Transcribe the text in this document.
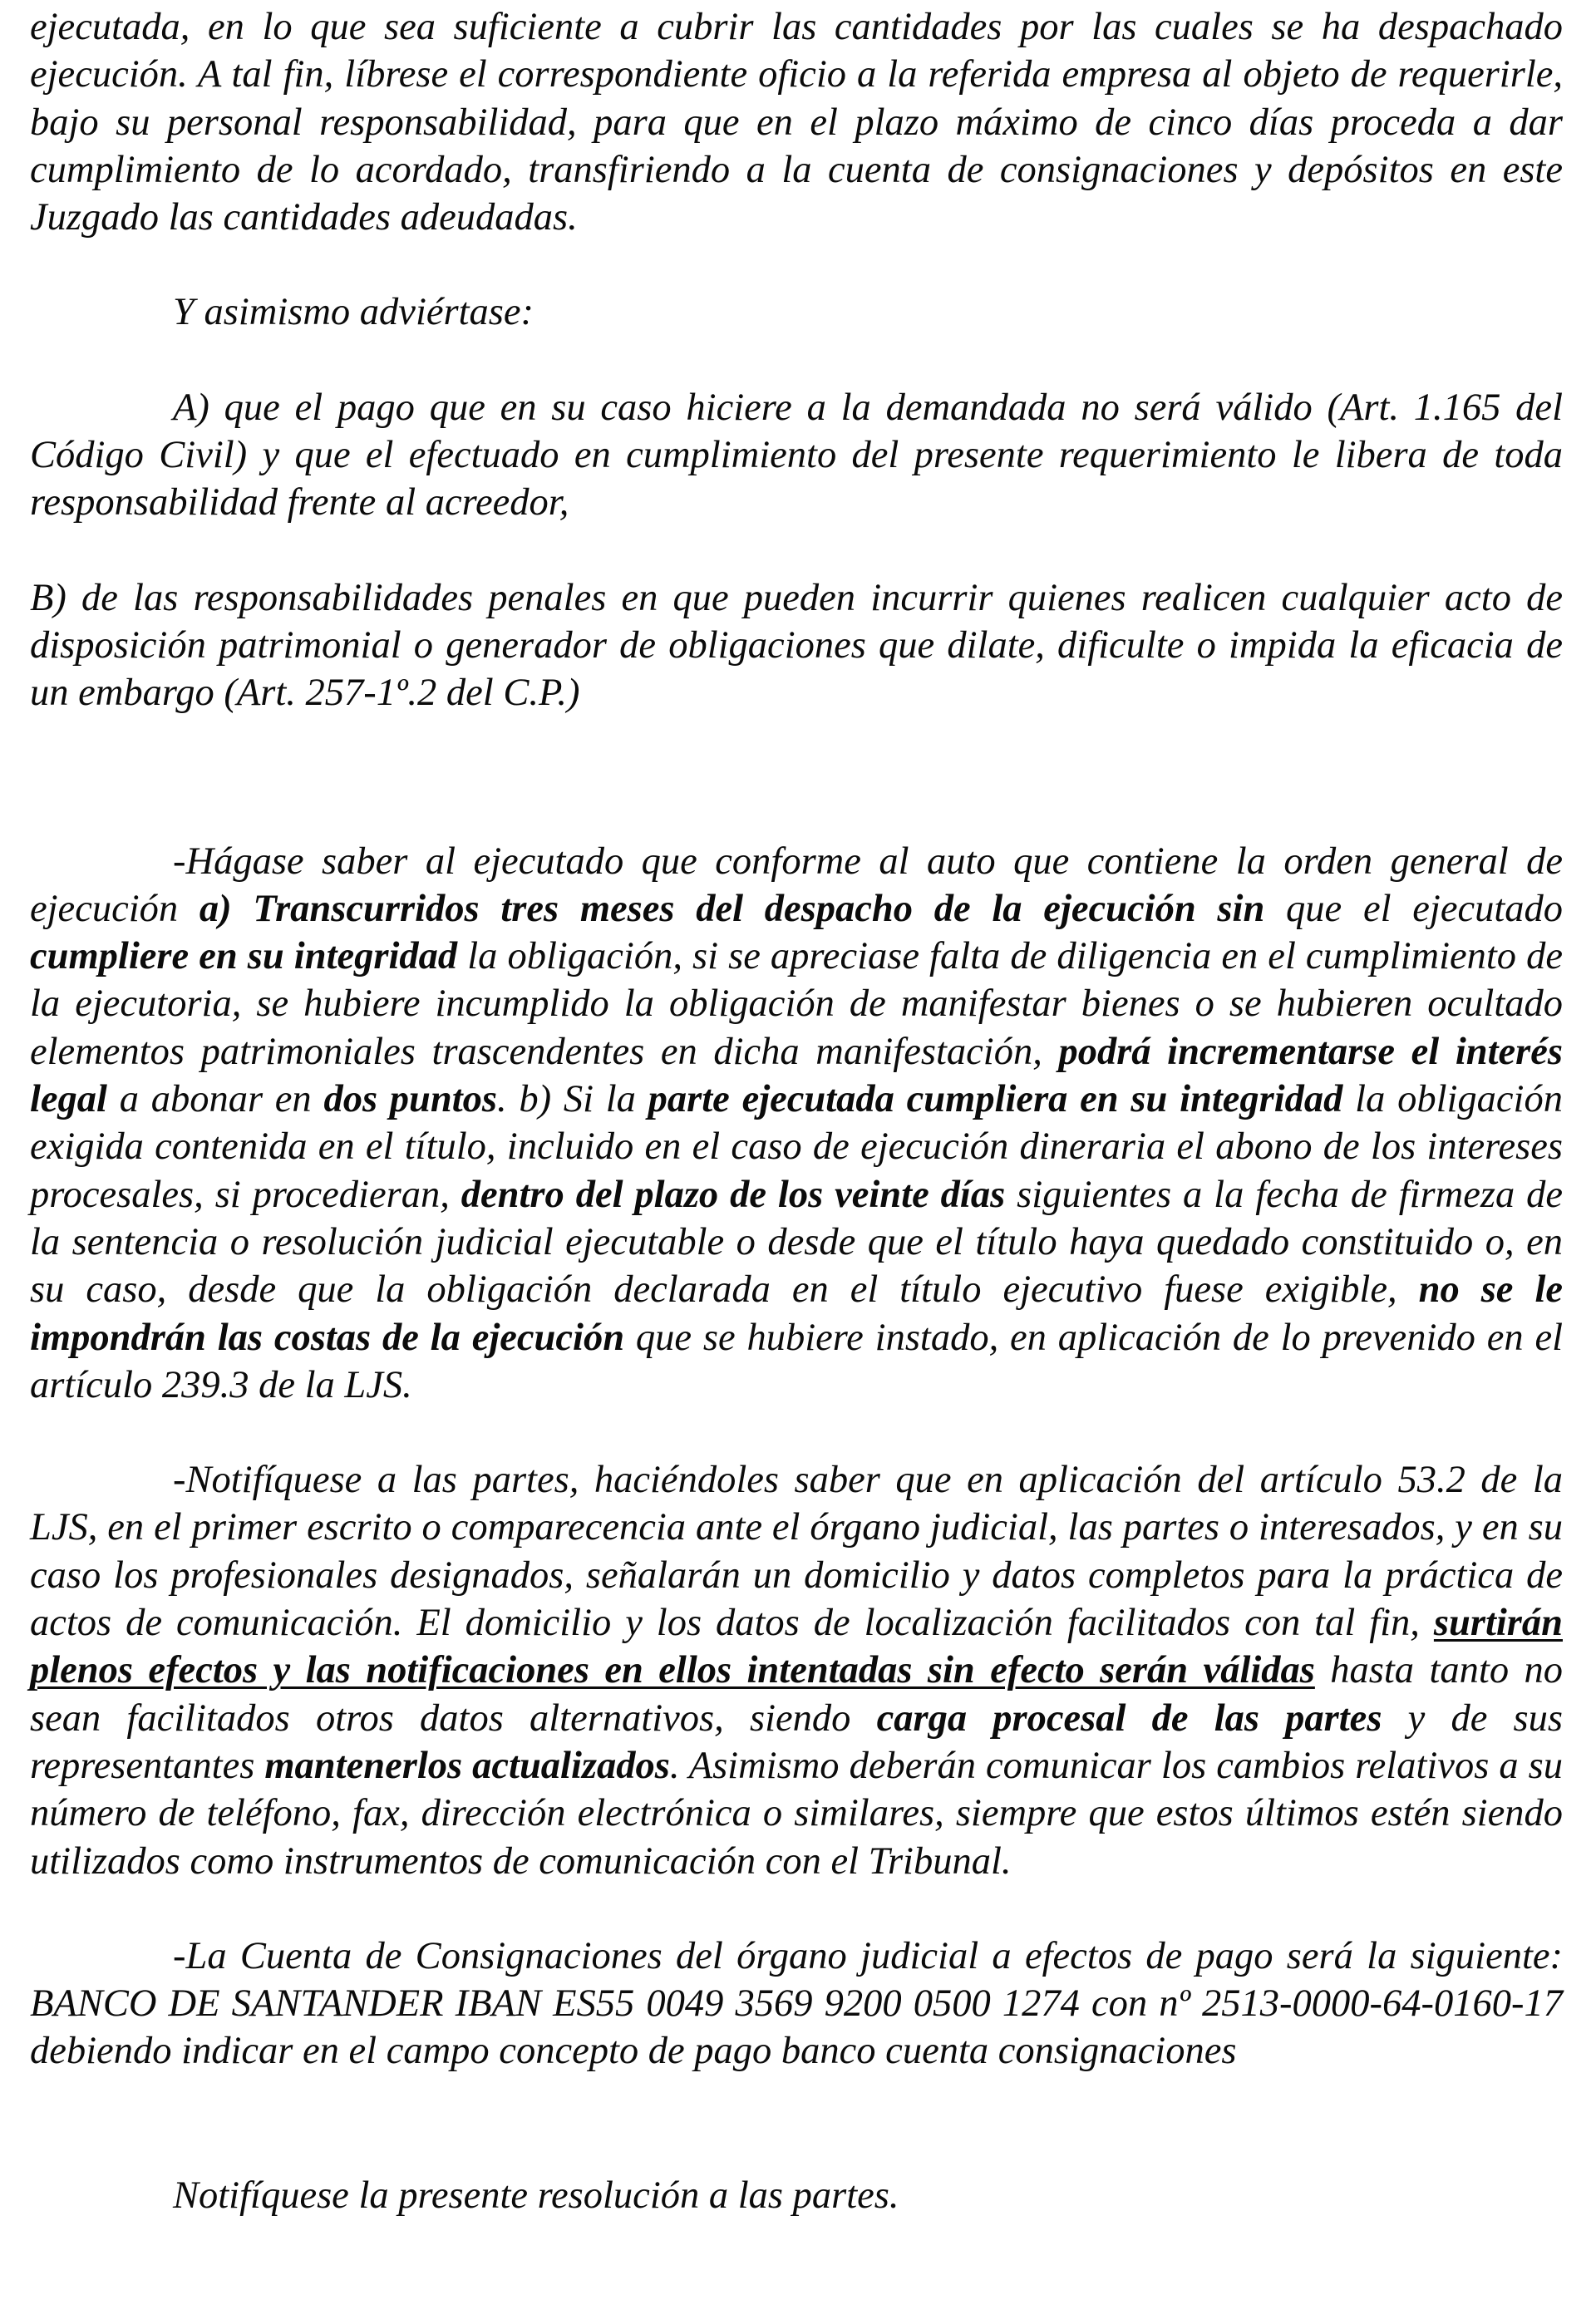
ejecutada, en lo que sea suficiente a cubrir las cantidades por las cuales se ha despachado ejecución. A tal fin, líbrese el correspondiente oficio a la referida empresa al objeto de requerirle, bajo su personal responsabilidad, para que en el plazo máximo de cinco días proceda a dar cumplimiento de lo acordado, transfiriendo a la cuenta de consignaciones y depósitos en este Juzgado las cantidades adeudadas.

Y asimismo adviértase:

A) que el pago que en su caso hiciere a la demandada no será válido (Art. 1.165 del Código Civil) y que el efectuado en cumplimiento del presente requerimiento le libera de toda responsabilidad frente al acreedor,

B) de las responsabilidades penales en que pueden incurrir quienes realicen cualquier acto de disposición patrimonial o generador de obligaciones que dilate, dificulte o impida la eficacia de un embargo (Art. 257-1º.2 del C.P.)

-Hágase saber al ejecutado que conforme al auto que contiene la orden general de ejecución a) Transcurridos tres meses del despacho de la ejecución sin que el ejecutado cumpliere en su integridad la obligación, si se apreciase falta de diligencia en el cumplimiento de la ejecutoria, se hubiere incumplido la obligación de manifestar bienes o se hubieren ocultado elementos patrimoniales trascendentes en dicha manifestación, podrá incrementarse el interés legal a abonar en dos puntos. b) Si la parte ejecutada cumpliera en su integridad la obligación exigida contenida en el título, incluido en el caso de ejecución dineraria el abono de los intereses procesales, si procedieran, dentro del plazo de los veinte días siguientes a la fecha de firmeza de la sentencia o resolución judicial ejecutable o desde que el título haya quedado constituido o, en su caso, desde que la obligación declarada en el título ejecutivo fuese exigible, no se le impondrán las costas de la ejecución que se hubiere instado, en aplicación de lo prevenido en el artículo 239.3 de la LJS.

-Notifíquese a las partes, haciéndoles saber que en aplicación del artículo 53.2 de la LJS, en el primer escrito o comparecencia ante el órgano judicial, las partes o interesados, y en su caso los profesionales designados, señalarán un domicilio y datos completos para la práctica de actos de comunicación. El domicilio y los datos de localización facilitados con tal fin, surtirán plenos efectos y las notificaciones en ellos intentadas sin efecto serán válidas hasta tanto no sean facilitados otros datos alternativos, siendo carga procesal de las partes y de sus representantes mantenerlos actualizados. Asimismo deberán comunicar los cambios relativos a su número de teléfono, fax, dirección electrónica o similares, siempre que estos últimos estén siendo utilizados como instrumentos de comunicación con el Tribunal.

-La Cuenta de Consignaciones del órgano judicial a efectos de pago será la siguiente: BANCO DE SANTANDER IBAN ES55 0049 3569 9200 0500 1274 con nº 2513-0000-64-0160-17 debiendo indicar en el campo concepto de pago banco cuenta consignaciones

Notifíquese la presente resolución a las partes.
